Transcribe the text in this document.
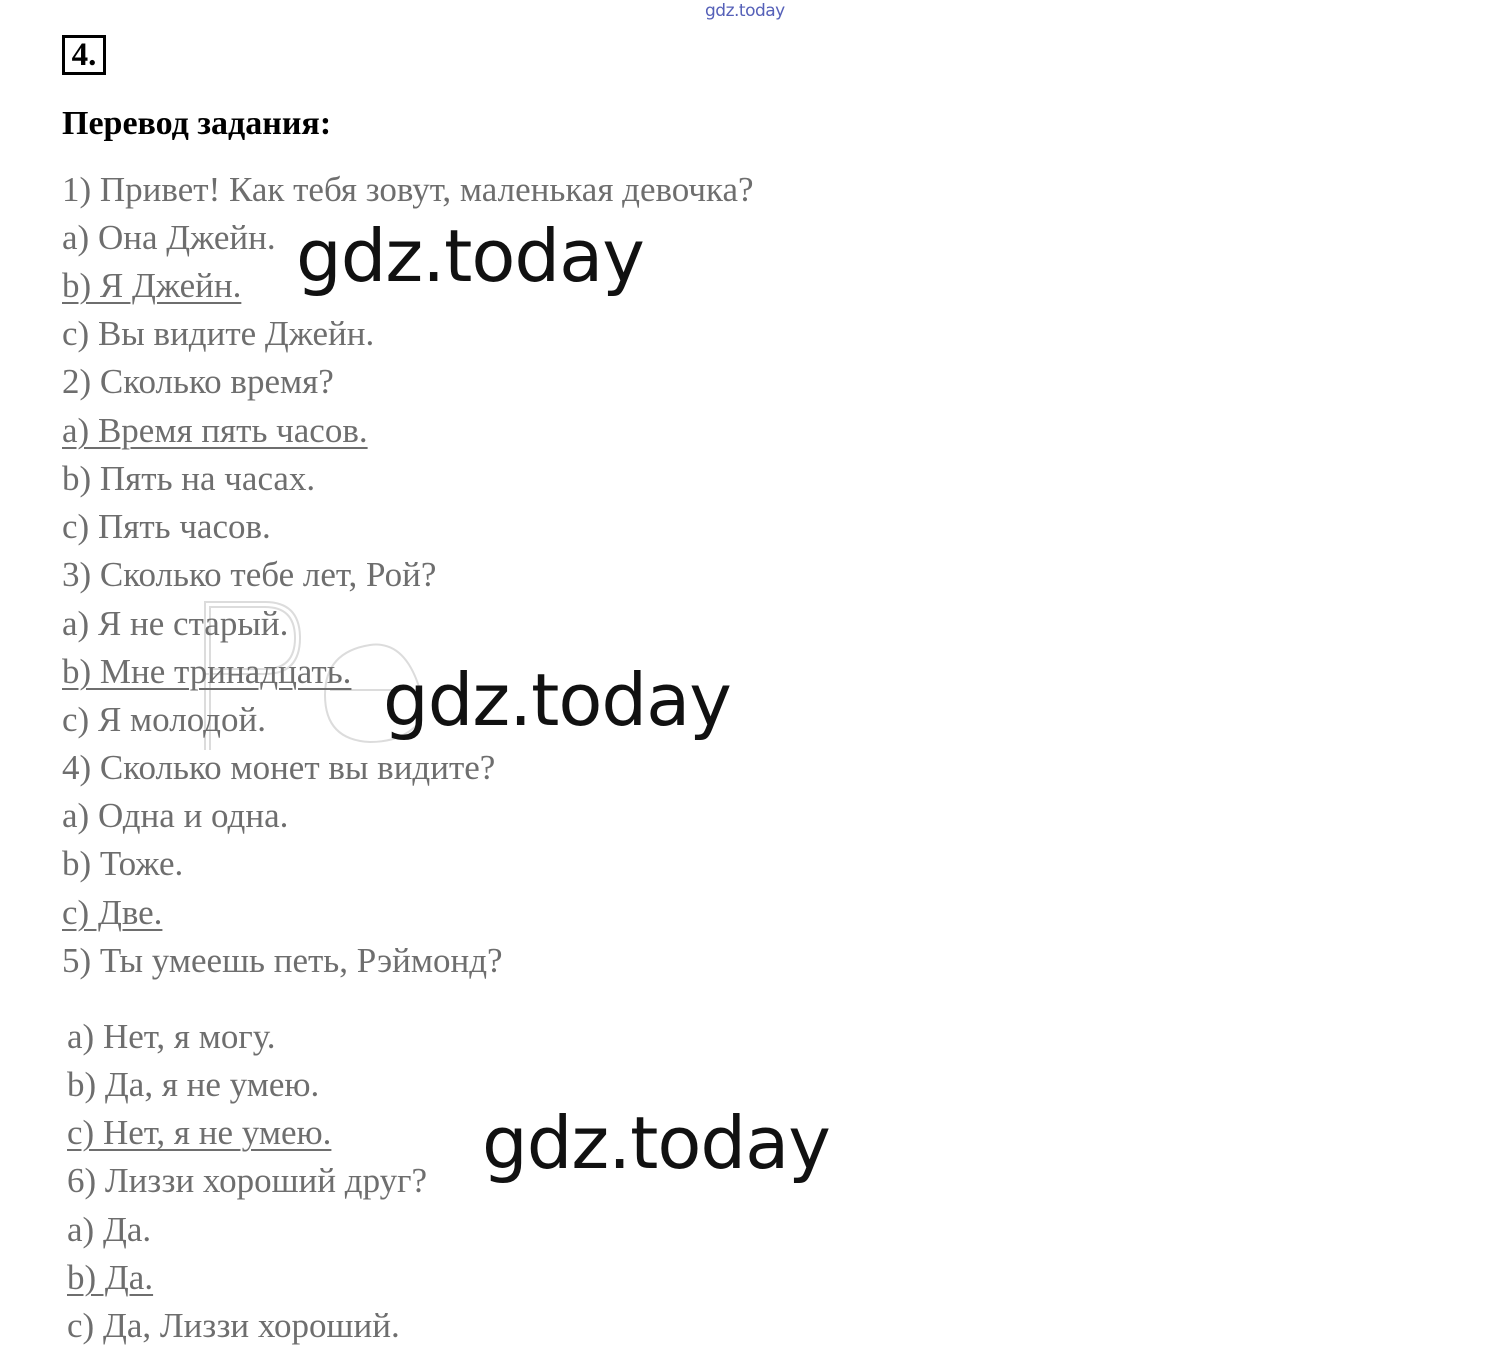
gdz.today
4.
Перевод задания:
1) Привет! Как тебя зовут, маленькая девочка?
a) Она Джейн.
b) Я Джейн.
c) Вы видите Джейн.
2) Сколько время?
a) Время пять часов.
b) Пять на часах.
c) Пять часов.
3) Сколько тебе лет, Рой?
a) Я не старый.
b) Мне тринадцать.
c) Я молодой.
4) Сколько монет вы видите?
a) Одна и одна.
b) Тоже.
c) Две.
5) Ты умеешь петь, Рэймонд?
a) Нет, я могу.
b) Да, я не умею.
c) Нет, я не умею.
6) Лиззи хороший друг?
a) Да.
b) Да.
c) Да, Лиззи хороший.
gdz.today
gdz.today
gdz.today
